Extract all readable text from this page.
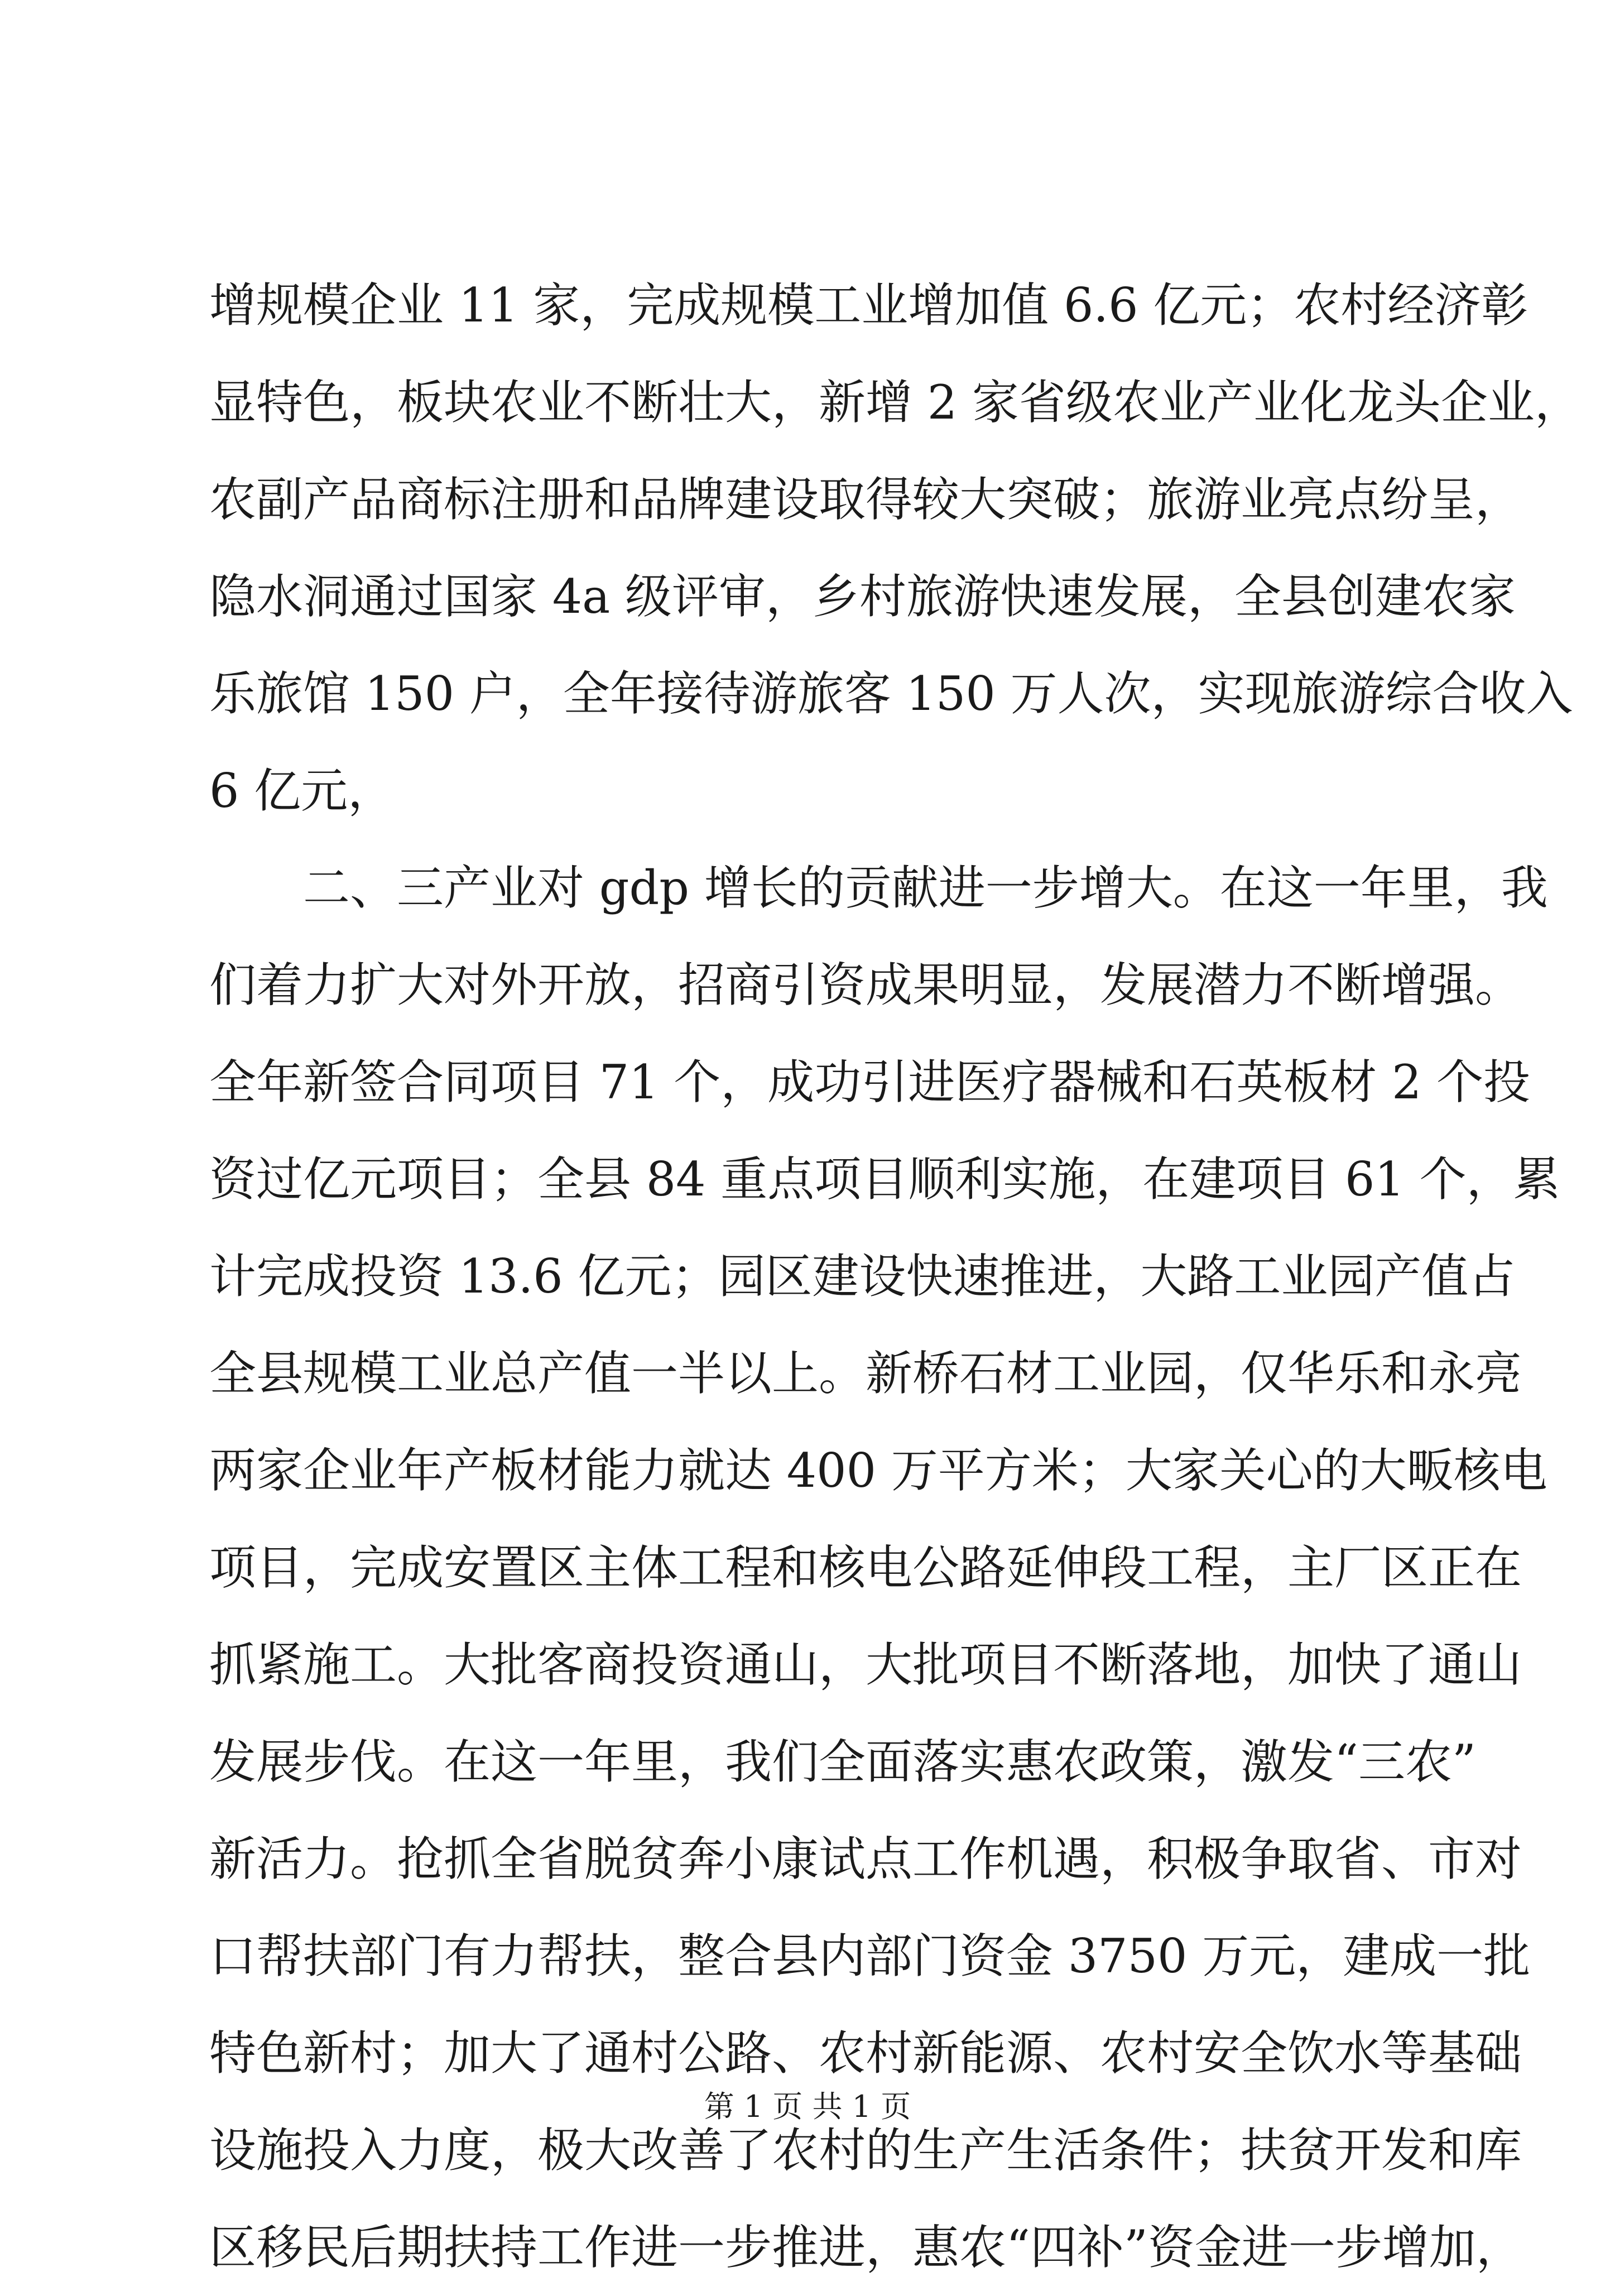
增规模企业 11 家，完成规模工业增加值 6.6 亿元；农村经济彰
显特色，板块农业不断壮大，新增 2 家省级农业产业化龙头企业，
农副产品商标注册和品牌建设取得较大突破；旅游业亮点纷呈，
隐水洞通过国家 4a 级评审，乡村旅游快速发展，全县创建农家
乐旅馆 150 户，全年接待游旅客 150 万人次，实现旅游综合收入
6 亿元，
二、三产业对 gdp 增长的贡献进一步增大。在这一年里，我
们着力扩大对外开放，招商引资成果明显，发展潜力不断增强。
全年新签合同项目 71 个，成功引进医疗器械和石英板材 2 个投
资过亿元项目；全县 84 重点项目顺利实施，在建项目 61 个，累
计完成投资 13.6 亿元；园区建设快速推进，大路工业园产值占
全县规模工业总产值一半以上。新桥石材工业园，仅华乐和永亮
两家企业年产板材能力就达 400 万平方米；大家关心的大畈核电
项目，完成安置区主体工程和核电公路延伸段工程，主厂区正在
抓紧施工。大批客商投资通山，大批项目不断落地，加快了通山
发展步伐。在这一年里，我们全面落实惠农政策，激发“三农”
新活力。抢抓全省脱贫奔小康试点工作机遇，积极争取省、市对
口帮扶部门有力帮扶，整合县内部门资金 3750 万元，建成一批
特色新村；加大了通村公路、农村新能源、农村安全饮水等基础
设施投入力度，极大改善了农村的生产生活条件；扶贫开发和库
区移民后期扶持工作进一步推进，惠农“四补”资金进一步增加，
第 1 页 共 1 页
